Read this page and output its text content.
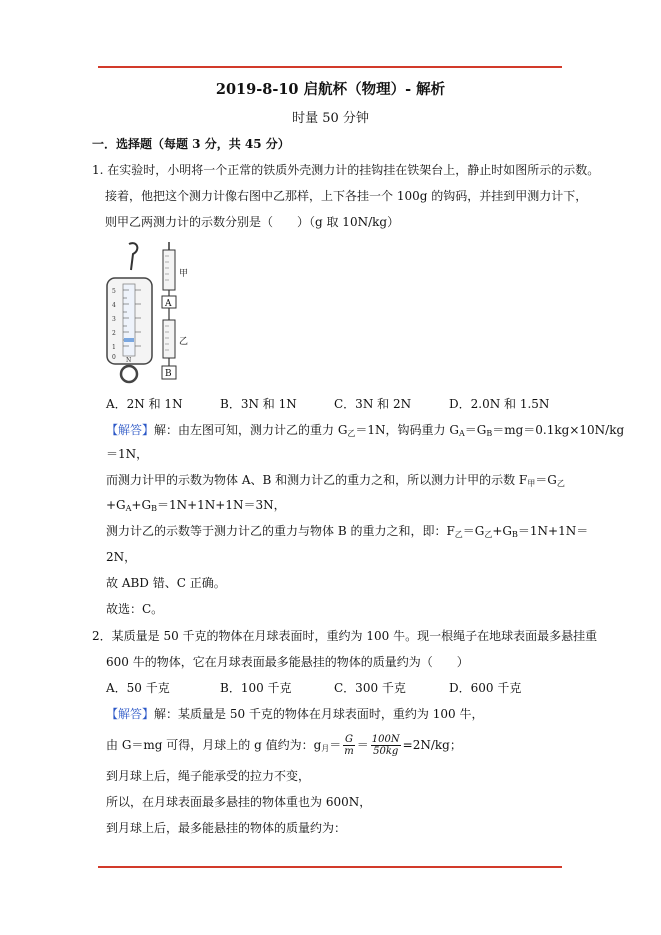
2019-8-10 启航杯（物理）- 解析
时量 50 分钟
一．选择题（每题 3 分，共 45 分）
1. 在实验时，小明将一个正常的铁质外壳测力计的挂钩挂在铁架台上，静止时如图所示的示数。
接着，他把这个测力计像右图中乙那样，上下各挂一个 100g 的钩码，并挂到甲测力计下，
则甲乙两测力计的示数分别是（　　）（g 取 10N/kg）
5
4
3
2
1
0 N
甲
A
乙
B
A．2N 和 1N	B．3N 和 1N	C．3N 和 2N	D．2.0N 和 1.5N
【解答】解：由左图可知，测力计乙的重力 $G_乙=1N$，钩码重力 $G_A=G_B=mg=0.1kg\times 10N/kg$
＝1N，
而测力计甲的示数为物体 A、B 和测力计乙的重力之和，所以测力计甲的示数 $F_甲=G_乙$
$+G_A+G_B=1N+1N+1N=3N$，
测力计乙的示数等于测力计乙的重力与物体 B 的重力之和，即：$F_乙=G_乙+G_B=1N+1N=$
2N，
故 ABD 错、C 正确。
故选：C。
2．某质量是 50 千克的物体在月球表面时，重约为 100 牛。现一根绳子在地球表面最多悬挂重
600 牛的物体，它在月球表面最多能悬挂的物体的质量约为（　　）
A．50 千克	B．100 千克	C．300 千克	D．600 千克
【解答】解：某质量是 50 千克的物体在月球表面时，重约为 100 牛，
由 G＝mg 可得，月球上的 g 值约为：$g_月= \frac{G}{m} = \frac{100N}{50kg} =2N/kg$；
到月球上后，绳子能承受的拉力不变，
所以，在月球表面最多悬挂的物体重也为 600N，
到月球上后，最多能悬挂的物体的质量约为：
